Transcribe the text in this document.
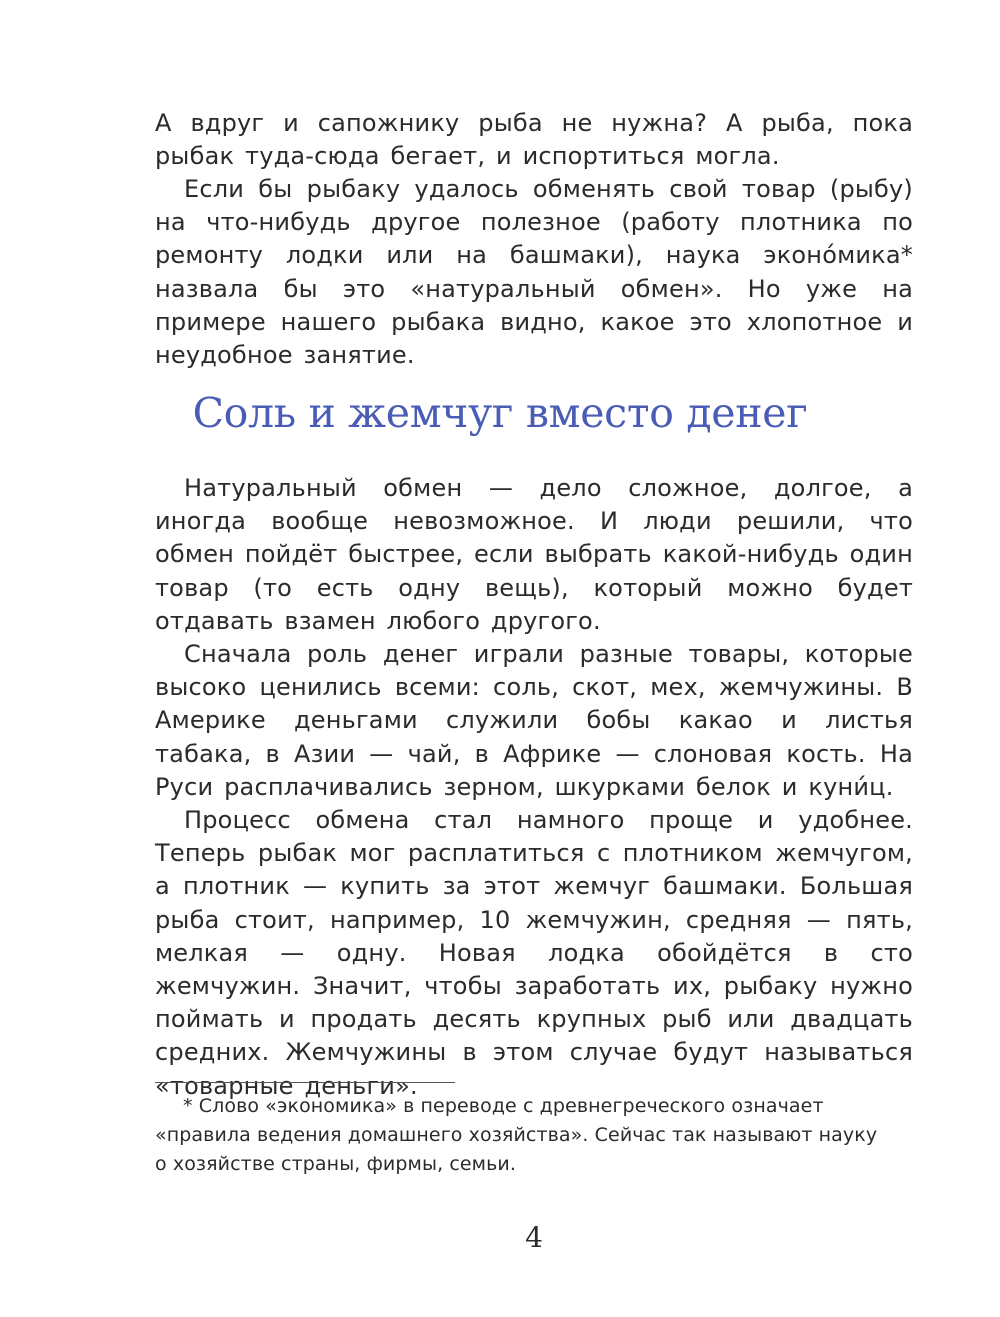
А вдруг и сапожнику рыба не нужна? А рыба, пока рыбак туда-сюда бегает, и испортиться могла.

Если бы рыбаку удалось обменять свой товар (рыбу) на что-нибудь другое полезное (работу плотника по ремонту лодки или на башмаки), наука эконо́мика* назвала бы это «натуральный обмен». Но уже на примере нашего рыбака видно, какое это хлопотное и неудобное занятие.

Соль и жемчуг вместо денег

Натуральный обмен — дело сложное, долгое, а иногда вообще невозможное. И люди решили, что обмен пойдёт быстрее, если выбрать какой-нибудь один товар (то есть одну вещь), который можно будет отдавать взамен любого другого.

Сначала роль денег играли разные товары, которые высоко ценились всеми: соль, скот, мех, жемчужины. В Америке деньгами служили бобы какао и листья табака, в Азии — чай, в Африке — слоновая кость. На Руси расплачивались зерном, шкурками белок и куни́ц.

Процесс обмена стал намного проще и удобнее. Теперь рыбак мог расплатиться с плотником жемчугом, а плотник — купить за этот жемчуг башмаки. Большая рыба стоит, например, 10 жемчужин, средняя — пять, мелкая — одну. Новая лодка обойдётся в сто жемчужин. Значит, чтобы заработать их, рыбаку нужно поймать и продать десять крупных рыб или двадцать средних. Жемчужины в этом случае будут называться «товарные деньги».

* Слово «экономика» в переводе с древнегреческого означает «правила ведения домашнего хозяйства». Сейчас так называют науку о хозяйстве страны, фирмы, семьи.

4
